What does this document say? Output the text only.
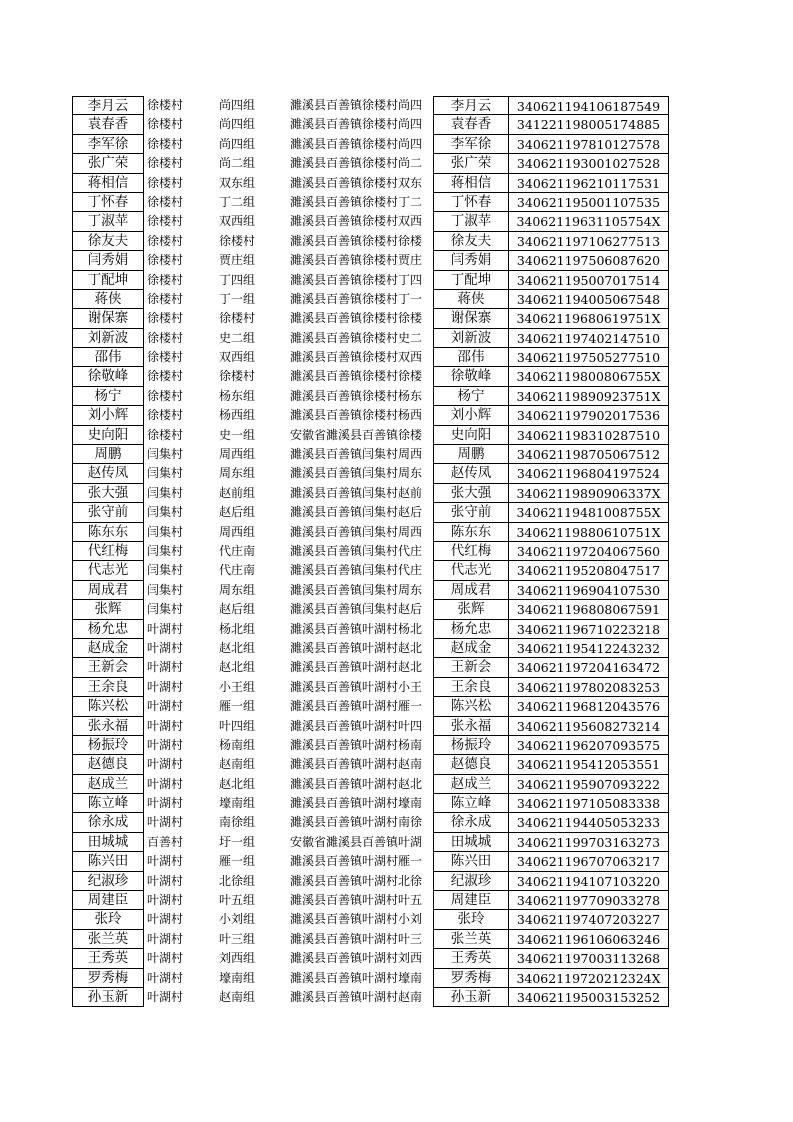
李月云	徐楼村	尚四组	濉溪县百善镇徐楼村尚四	李月云	340621194106187549
袁春香	徐楼村	尚四组	濉溪县百善镇徐楼村尚四	袁春香	341221198005174885
李军徐	徐楼村	尚四组	濉溪县百善镇徐楼村尚四	李军徐	340621197810127578
张广荣	徐楼村	尚二组	濉溪县百善镇徐楼村尚二	张广荣	340621193001027528
蒋相信	徐楼村	双东组	濉溪县百善镇徐楼村双东	蒋相信	340621196210117531
丁怀春	徐楼村	丁二组	濉溪县百善镇徐楼村丁二	丁怀春	340621195001107535
丁淑苹	徐楼村	双西组	濉溪县百善镇徐楼村双西	丁淑苹	34062119631105754X
徐友夫	徐楼村	徐楼村	濉溪县百善镇徐楼村徐楼	徐友夫	340621197106277513
闫秀娟	徐楼村	贾庄组	濉溪县百善镇徐楼村贾庄	闫秀娟	340621197506087620
丁配坤	徐楼村	丁四组	濉溪县百善镇徐楼村丁四	丁配坤	340621195007017514
蒋侠	徐楼村	丁一组	濉溪县百善镇徐楼村丁一	蒋侠	340621194005067548
谢保寨	徐楼村	徐楼村	濉溪县百善镇徐楼村徐楼	谢保寨	34062119680619751X
刘新波	徐楼村	史二组	濉溪县百善镇徐楼村史二	刘新波	340621197402147510
邵伟	徐楼村	双西组	濉溪县百善镇徐楼村双西	邵伟	340621197505277510
徐敬峰	徐楼村	徐楼村	濉溪县百善镇徐楼村徐楼	徐敬峰	34062119800806755X
杨宁	徐楼村	杨东组	濉溪县百善镇徐楼村杨东	杨宁	34062119890923751X
刘小辉	徐楼村	杨西组	濉溪县百善镇徐楼村杨西	刘小辉	340621197902017536
史向阳	徐楼村	史一组	安徽省濉溪县百善镇徐楼	史向阳	340621198310287510
周鹏	闫集村	周西组	濉溪县百善镇闫集村周西	周鹏	340621198705067512
赵传凤	闫集村	周东组	濉溪县百善镇闫集村周东	赵传凤	340621196804197524
张大强	闫集村	赵前组	濉溪县百善镇闫集村赵前	张大强	34062119890906337X
张守前	闫集村	赵后组	濉溪县百善镇闫集村赵后	张守前	34062119481008755X
陈东东	闫集村	周西组	濉溪县百善镇闫集村周西	陈东东	34062119880610751X
代红梅	闫集村	代庄南	濉溪县百善镇闫集村代庄	代红梅	340621197204067560
代志光	闫集村	代庄南	濉溪县百善镇闫集村代庄	代志光	340621195208047517
周成君	闫集村	周东组	濉溪县百善镇闫集村周东	周成君	340621196904107530
张辉	闫集村	赵后组	濉溪县百善镇闫集村赵后	张辉	340621196808067591
杨允忠	叶湖村	杨北组	濉溪县百善镇叶湖村杨北	杨允忠	340621196710223218
赵成金	叶湖村	赵北组	濉溪县百善镇叶湖村赵北	赵成金	340621195412243232
王新会	叶湖村	赵北组	濉溪县百善镇叶湖村赵北	王新会	340621197204163472
王余良	叶湖村	小王组	濉溪县百善镇叶湖村小王	王余良	340621197802083253
陈兴松	叶湖村	雁一组	濉溪县百善镇叶湖村雁一	陈兴松	340621196812043576
张永福	叶湖村	叶四组	濉溪县百善镇叶湖村叶四	张永福	340621195608273214
杨振玲	叶湖村	杨南组	濉溪县百善镇叶湖村杨南	杨振玲	340621196207093575
赵德良	叶湖村	赵南组	濉溪县百善镇叶湖村赵南	赵德良	340621195412053551
赵成兰	叶湖村	赵北组	濉溪县百善镇叶湖村赵北	赵成兰	340621195907093222
陈立峰	叶湖村	壕南组	濉溪县百善镇叶湖村壕南	陈立峰	340621197105083338
徐永成	叶湖村	南徐组	濉溪县百善镇叶湖村南徐	徐永成	340621194405053233
田城城	百善村	圩一组	安徽省濉溪县百善镇叶湖	田城城	340621199703163273
陈兴田	叶湖村	雁一组	濉溪县百善镇叶湖村雁一	陈兴田	340621196707063217
纪淑珍	叶湖村	北徐组	濉溪县百善镇叶湖村北徐	纪淑珍	340621194107103220
周建臣	叶湖村	叶五组	濉溪县百善镇叶湖村叶五	周建臣	340621197709033278
张玲	叶湖村	小刘组	濉溪县百善镇叶湖村小刘	张玲	340621197407203227
张兰英	叶湖村	叶三组	濉溪县百善镇叶湖村叶三	张兰英	340621196106063246
王秀英	叶湖村	刘西组	濉溪县百善镇叶湖村刘西	王秀英	340621197003113268
罗秀梅	叶湖村	壕南组	濉溪县百善镇叶湖村壕南	罗秀梅	34062119720212324X
孙玉新	叶湖村	赵南组	濉溪县百善镇叶湖村赵南	孙玉新	340621195003153252
